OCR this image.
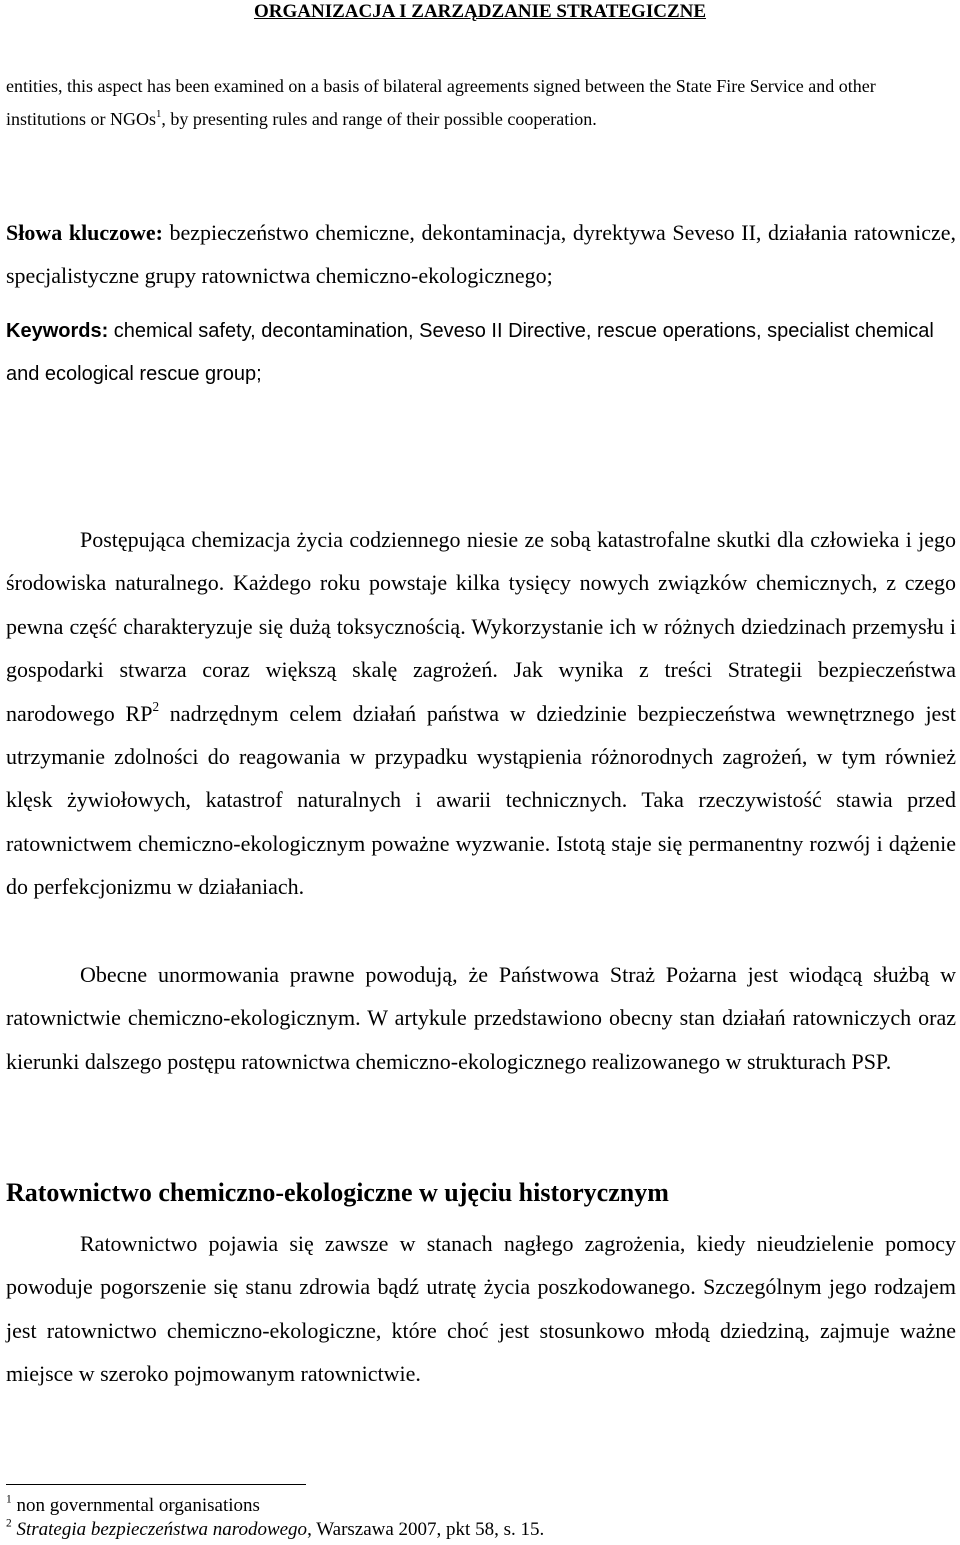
ORGANIZACJA I ZARZĄDZANIE STRATEGICZNE

entities, this aspect has been examined on a basis of bilateral agreements signed between the State Fire Service and other institutions or NGOs$^1$, by presenting rules and range of their possible cooperation.

Słowa kluczowe: bezpieczeństwo chemiczne, dekontaminacja, dyrektywa Seveso II, działania ratownicze, specjalistyczne grupy ratownictwa chemiczno-ekologicznego;

Keywords: chemical safety, decontamination, Seveso II Directive, rescue operations, specialist chemical and ecological rescue group;

Postępująca chemizacja życia codziennego niesie ze sobą katastrofalne skutki dla człowieka i jego środowiska naturalnego. Każdego roku powstaje kilka tysięcy nowych związków chemicznych, z czego pewna część charakteryzuje się dużą toksycznością. Wykorzystanie ich w różnych dziedzinach przemysłu i gospodarki stwarza coraz większą skalę zagrożeń. Jak wynika z treści Strategii bezpieczeństwa narodowego $RP^2$ nadrzędnym celem działań państwa w dziedzinie bezpieczeństwa wewnętrznego jest utrzymanie zdolności do reagowania w przypadku wystąpienia różnorodnych zagrożeń, w tym również klęsk żywiołowych, katastrof naturalnych i awarii technicznych. Taka rzeczywistość stawia przed ratownictwem chemiczno-ekologicznym poważne wyzwanie. Istotą staje się permanentny rozwój i dążenie do perfekcjonizmu w działaniach.

Obecne unormowania prawne powodują, że Państwowa Straż Pożarna jest wiodącą służbą w ratownictwie chemiczno-ekologicznym. W artykule przedstawiono obecny stan działań ratowniczych oraz kierunki dalszego postępu ratownictwa chemiczno-ekologicznego realizowanego w strukturach PSP.

Ratownictwo chemiczno-ekologiczne w ujęciu historycznym

Ratownictwo pojawia się zawsze w stanach nagłego zagrożenia, kiedy nieudzielenie pomocy powoduje pogorszenie się stanu zdrowia bądź utratę życia poszkodowanego. Szczególnym jego rodzajem jest ratownictwo chemiczno-ekologiczne, które choć jest stosunkowo młodą dziedziną, zajmuje ważne miejsce w szeroko pojmowanym ratownictwie.

$^1$ non governmental organisations
$^2$ Strategia bezpieczeństwa narodowego, Warszawa 2007, pkt 58, s. 15.
